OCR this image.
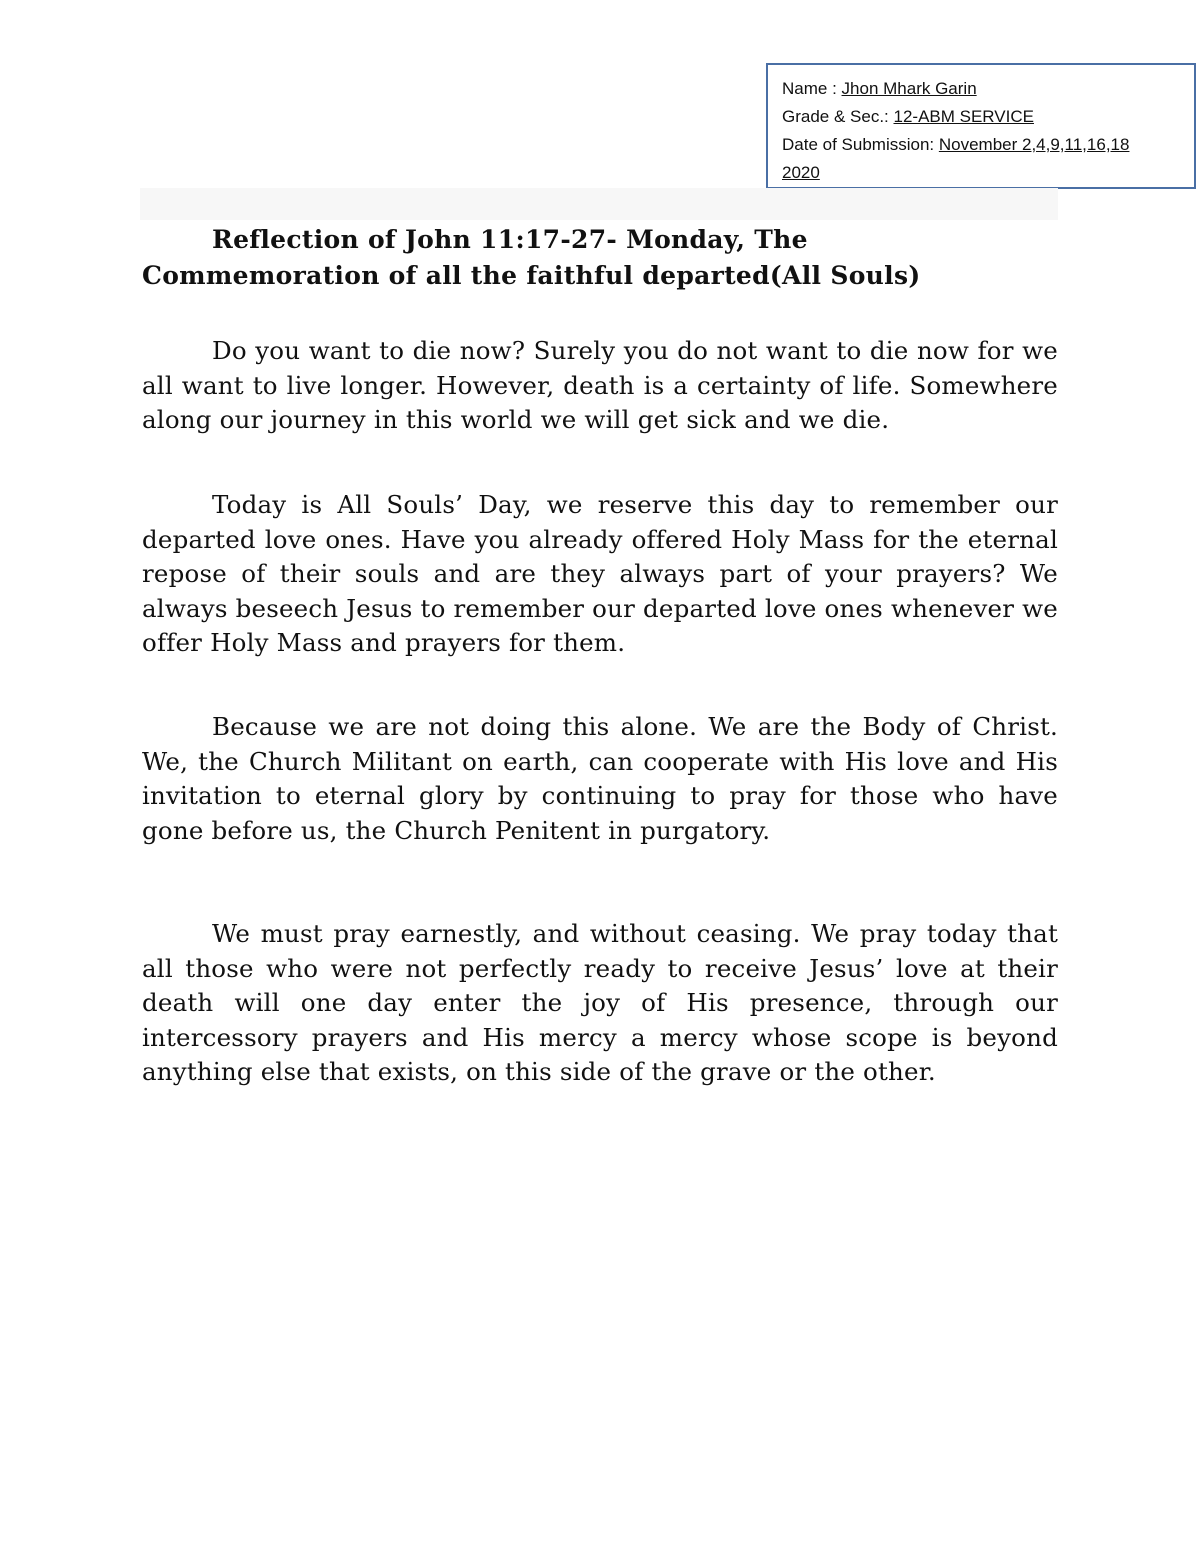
Name : Jhon Mhark Garin
Grade & Sec.: 12-ABM SERVICE
Date of Submission: November 2,4,9,11,16,18
2020
Reflection of John 11:17-27- Monday, The
Commemoration of all the faithful departed(All Souls)

Do you want to die now? Surely you do not want to die now for we all want to live longer. However, death is a certainty of life. Somewhere along our journey in this world we will get sick and we die.

Today is All Souls’ Day, we reserve this day to remember our departed love ones. Have you already offered Holy Mass for the eternal repose of their souls and are they always part of your prayers? We always beseech Jesus to remember our departed love ones whenever we offer Holy Mass and prayers for them.

Because we are not doing this alone. We are the Body of Christ. We, the Church Militant on earth, can cooperate with His love and His invitation to eternal glory by continuing to pray for those who have gone before us, the Church Penitent in purgatory.

We must pray earnestly, and without ceasing. We pray today that all those who were not perfectly ready to receive Jesus’ love at their death will one day enter the joy of His presence, through our intercessory prayers and His mercy a mercy whose scope is beyond anything else that exists, on this side of the grave or the other.
